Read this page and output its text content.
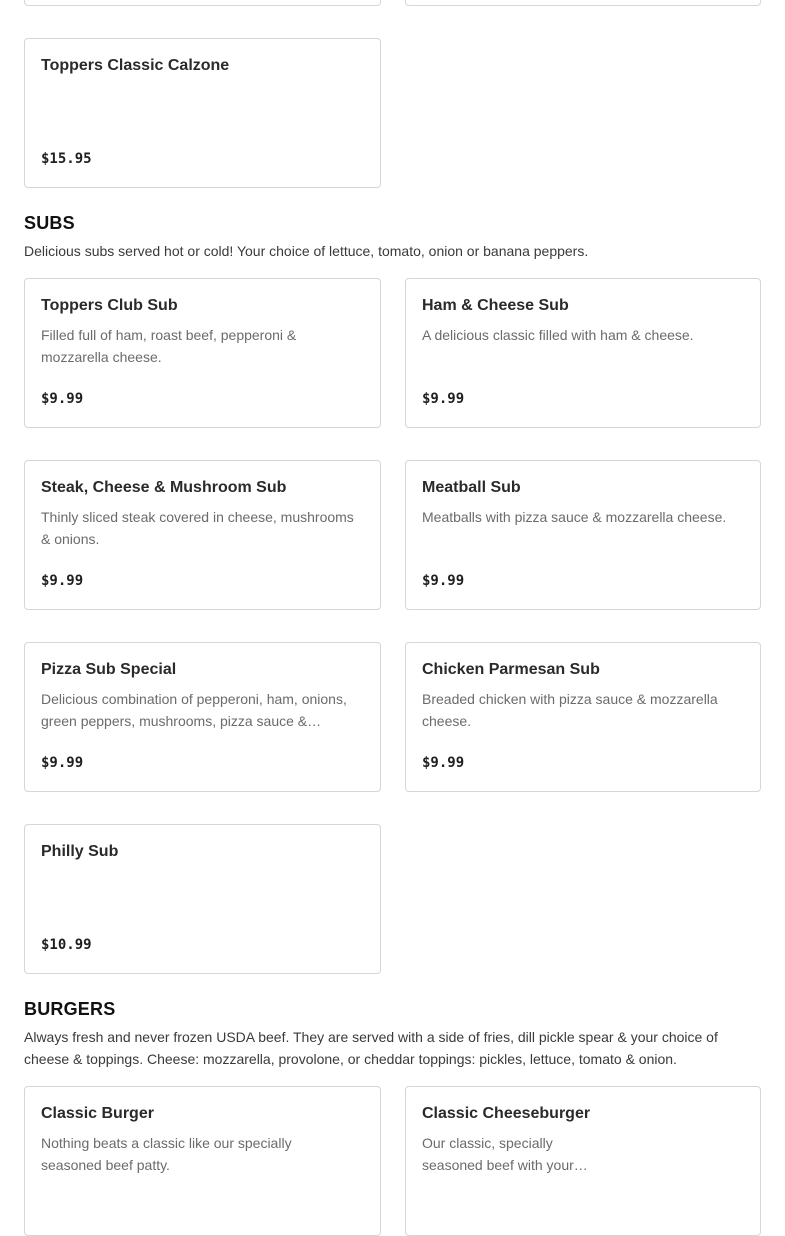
Toppers Classic Calzone
$15.95
SUBS

Delicious subs served hot or cold! Your choice of lettuce, tomato, onion or banana peppers.

Toppers Club Sub
Filled full of ham, roast beef, pepperoni & mozzarella cheese.
$9.99
Ham & Cheese Sub
A delicious classic filled with ham & cheese.
$9.99
Steak, Cheese & Mushroom Sub
Thinly sliced steak covered in cheese, mushrooms & onions.
$9.99
Meatball Sub
Meatballs with pizza sauce & mozzarella cheese.
$9.99
Pizza Sub Special
Delicious combination of pepperoni, ham, onions, green peppers, mushrooms, pizza sauce &…
$9.99
Chicken Parmesan Sub
Breaded chicken with pizza sauce & mozzarella cheese.
$9.99
Philly Sub
$10.99
BURGERS

Always fresh and never frozen USDA beef. They are served with a side of fries, dill pickle spear & your choice of cheese & toppings. Cheese: mozzarella, provolone, or cheddar toppings: pickles, lettuce, tomato & onion.

Classic Burger
Nothing beats a classic like our specially seasoned beef patty.
Classic Cheeseburger
Our classic, specially seasoned beef with your…
